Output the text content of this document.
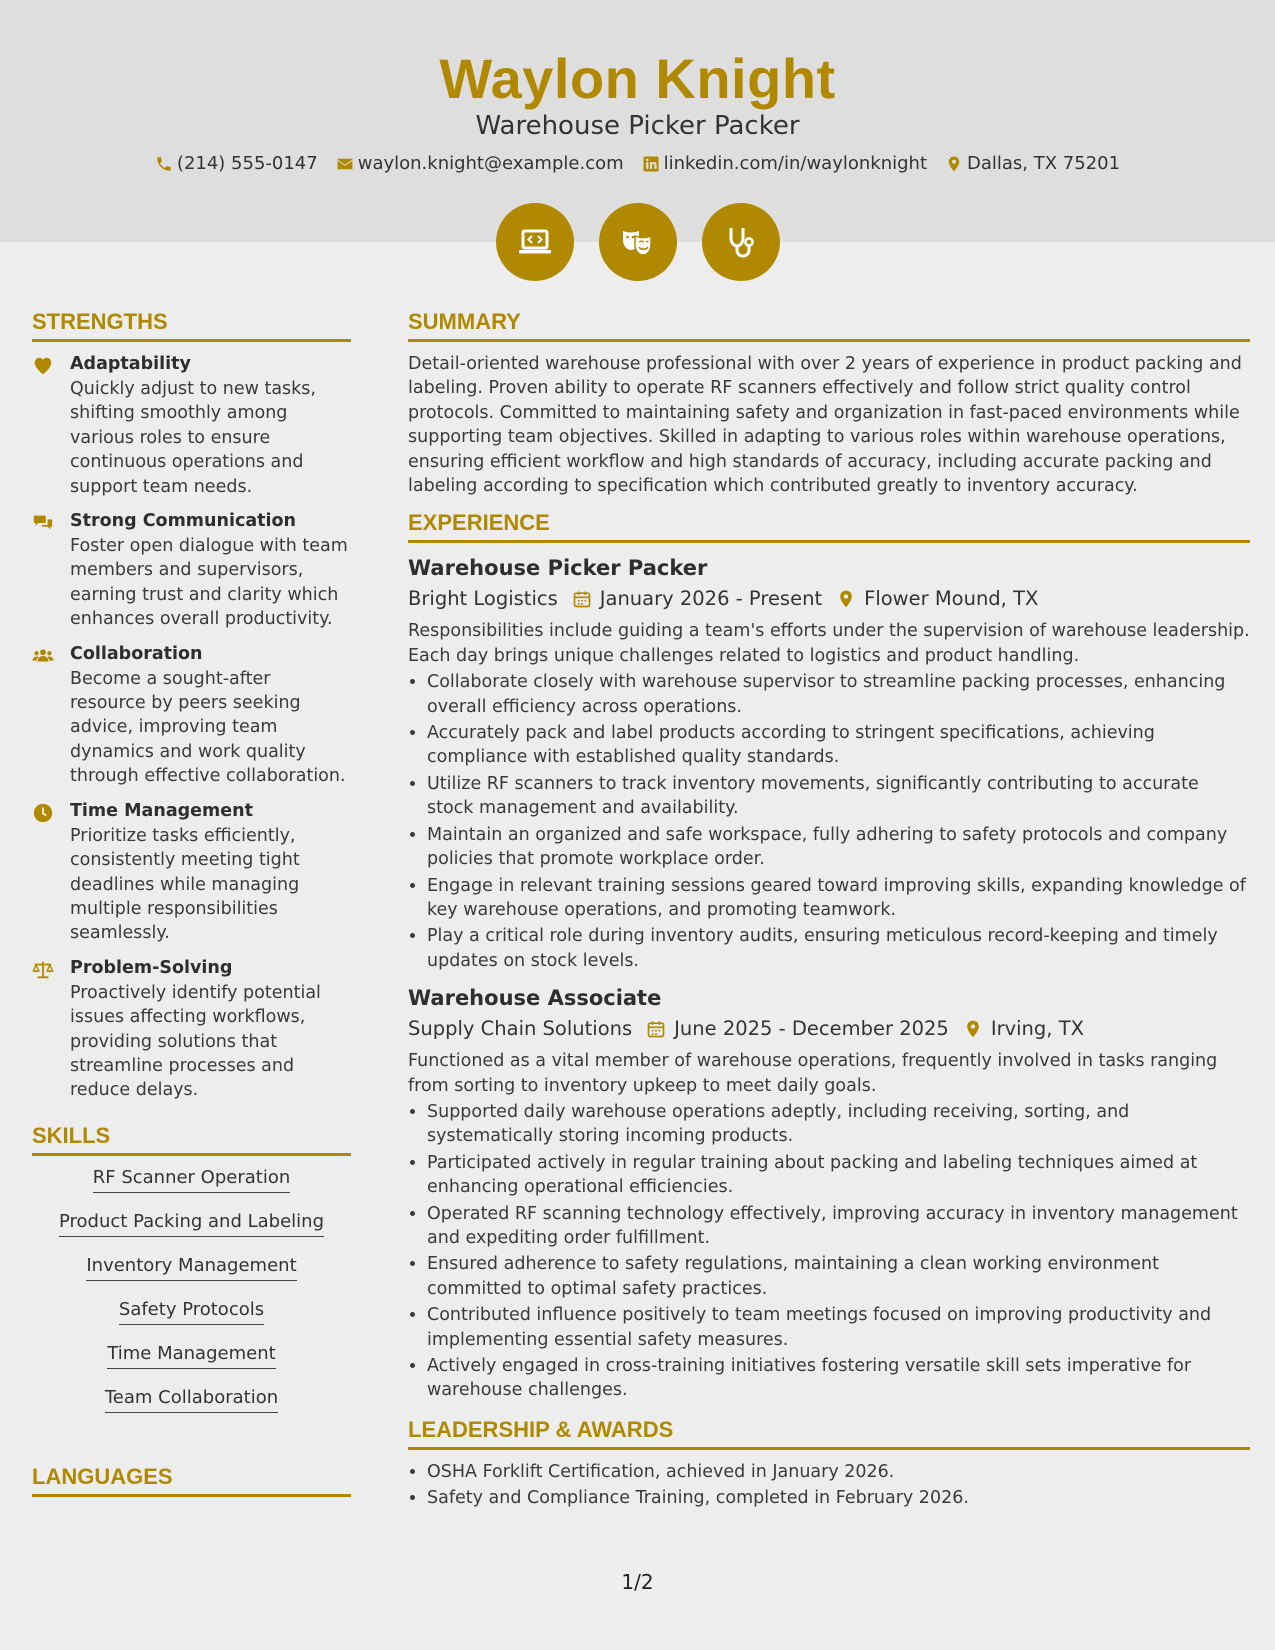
Waylon Knight
Warehouse Picker Packer
(214) 555-0147 waylon.knight@example.com linkedin.com/in/waylonknight Dallas, TX 75201
STRENGTHS
Adaptability
Quickly adjust to new tasks, shifting smoothly among various roles to ensure continuous operations and support team needs.
Strong Communication
Foster open dialogue with team members and supervisors, earning trust and clarity which enhances overall productivity.
Collaboration
Become a sought-after resource by peers seeking advice, improving team dynamics and work quality through effective collaboration.
Time Management
Prioritize tasks efficiently, consistently meeting tight deadlines while managing multiple responsibilities seamlessly.
Problem-Solving
Proactively identify potential issues affecting workflows, providing solutions that streamline processes and reduce delays.
SKILLS
RF Scanner Operation
Product Packing and Labeling
Inventory Management
Safety Protocols
Time Management
Team Collaboration
LANGUAGES
SUMMARY

Detail-oriented warehouse professional with over 2 years of experience in product packing and labeling. Proven ability to operate RF scanners effectively and follow strict quality control protocols. Committed to maintaining safety and organization in fast-paced environments while supporting team objectives. Skilled in adapting to various roles within warehouse operations, ensuring efficient workflow and high standards of accuracy, including accurate packing and labeling according to specification which contributed greatly to inventory accuracy.

EXPERIENCE
Warehouse Picker Packer
Bright Logistics January 2026 - Present Flower Mound, TX

Responsibilities include guiding a team's efforts under the supervision of warehouse leadership. Each day brings unique challenges related to logistics and product handling.

• Collaborate closely with warehouse supervisor to streamline packing processes, enhancing overall efficiency across operations.
• Accurately pack and label products according to stringent specifications, achieving compliance with established quality standards.
• Utilize RF scanners to track inventory movements, significantly contributing to accurate stock management and availability.
• Maintain an organized and safe workspace, fully adhering to safety protocols and company policies that promote workplace order.
• Engage in relevant training sessions geared toward improving skills, expanding knowledge of key warehouse operations, and promoting teamwork.
• Play a critical role during inventory audits, ensuring meticulous record-keeping and timely updates on stock levels.
Warehouse Associate
Supply Chain Solutions June 2025 - December 2025 Irving, TX

Functioned as a vital member of warehouse operations, frequently involved in tasks ranging from sorting to inventory upkeep to meet daily goals.

• Supported daily warehouse operations adeptly, including receiving, sorting, and systematically storing incoming products.
• Participated actively in regular training about packing and labeling techniques aimed at enhancing operational efficiencies.
• Operated RF scanning technology effectively, improving accuracy in inventory management and expediting order fulfillment.
• Ensured adherence to safety regulations, maintaining a clean working environment committed to optimal safety practices.
• Contributed influence positively to team meetings focused on improving productivity and implementing essential safety measures.
• Actively engaged in cross-training initiatives fostering versatile skill sets imperative for warehouse challenges.
LEADERSHIP & AWARDS
• OSHA Forklift Certification, achieved in January 2026.
• Safety and Compliance Training, completed in February 2026.
1/2
